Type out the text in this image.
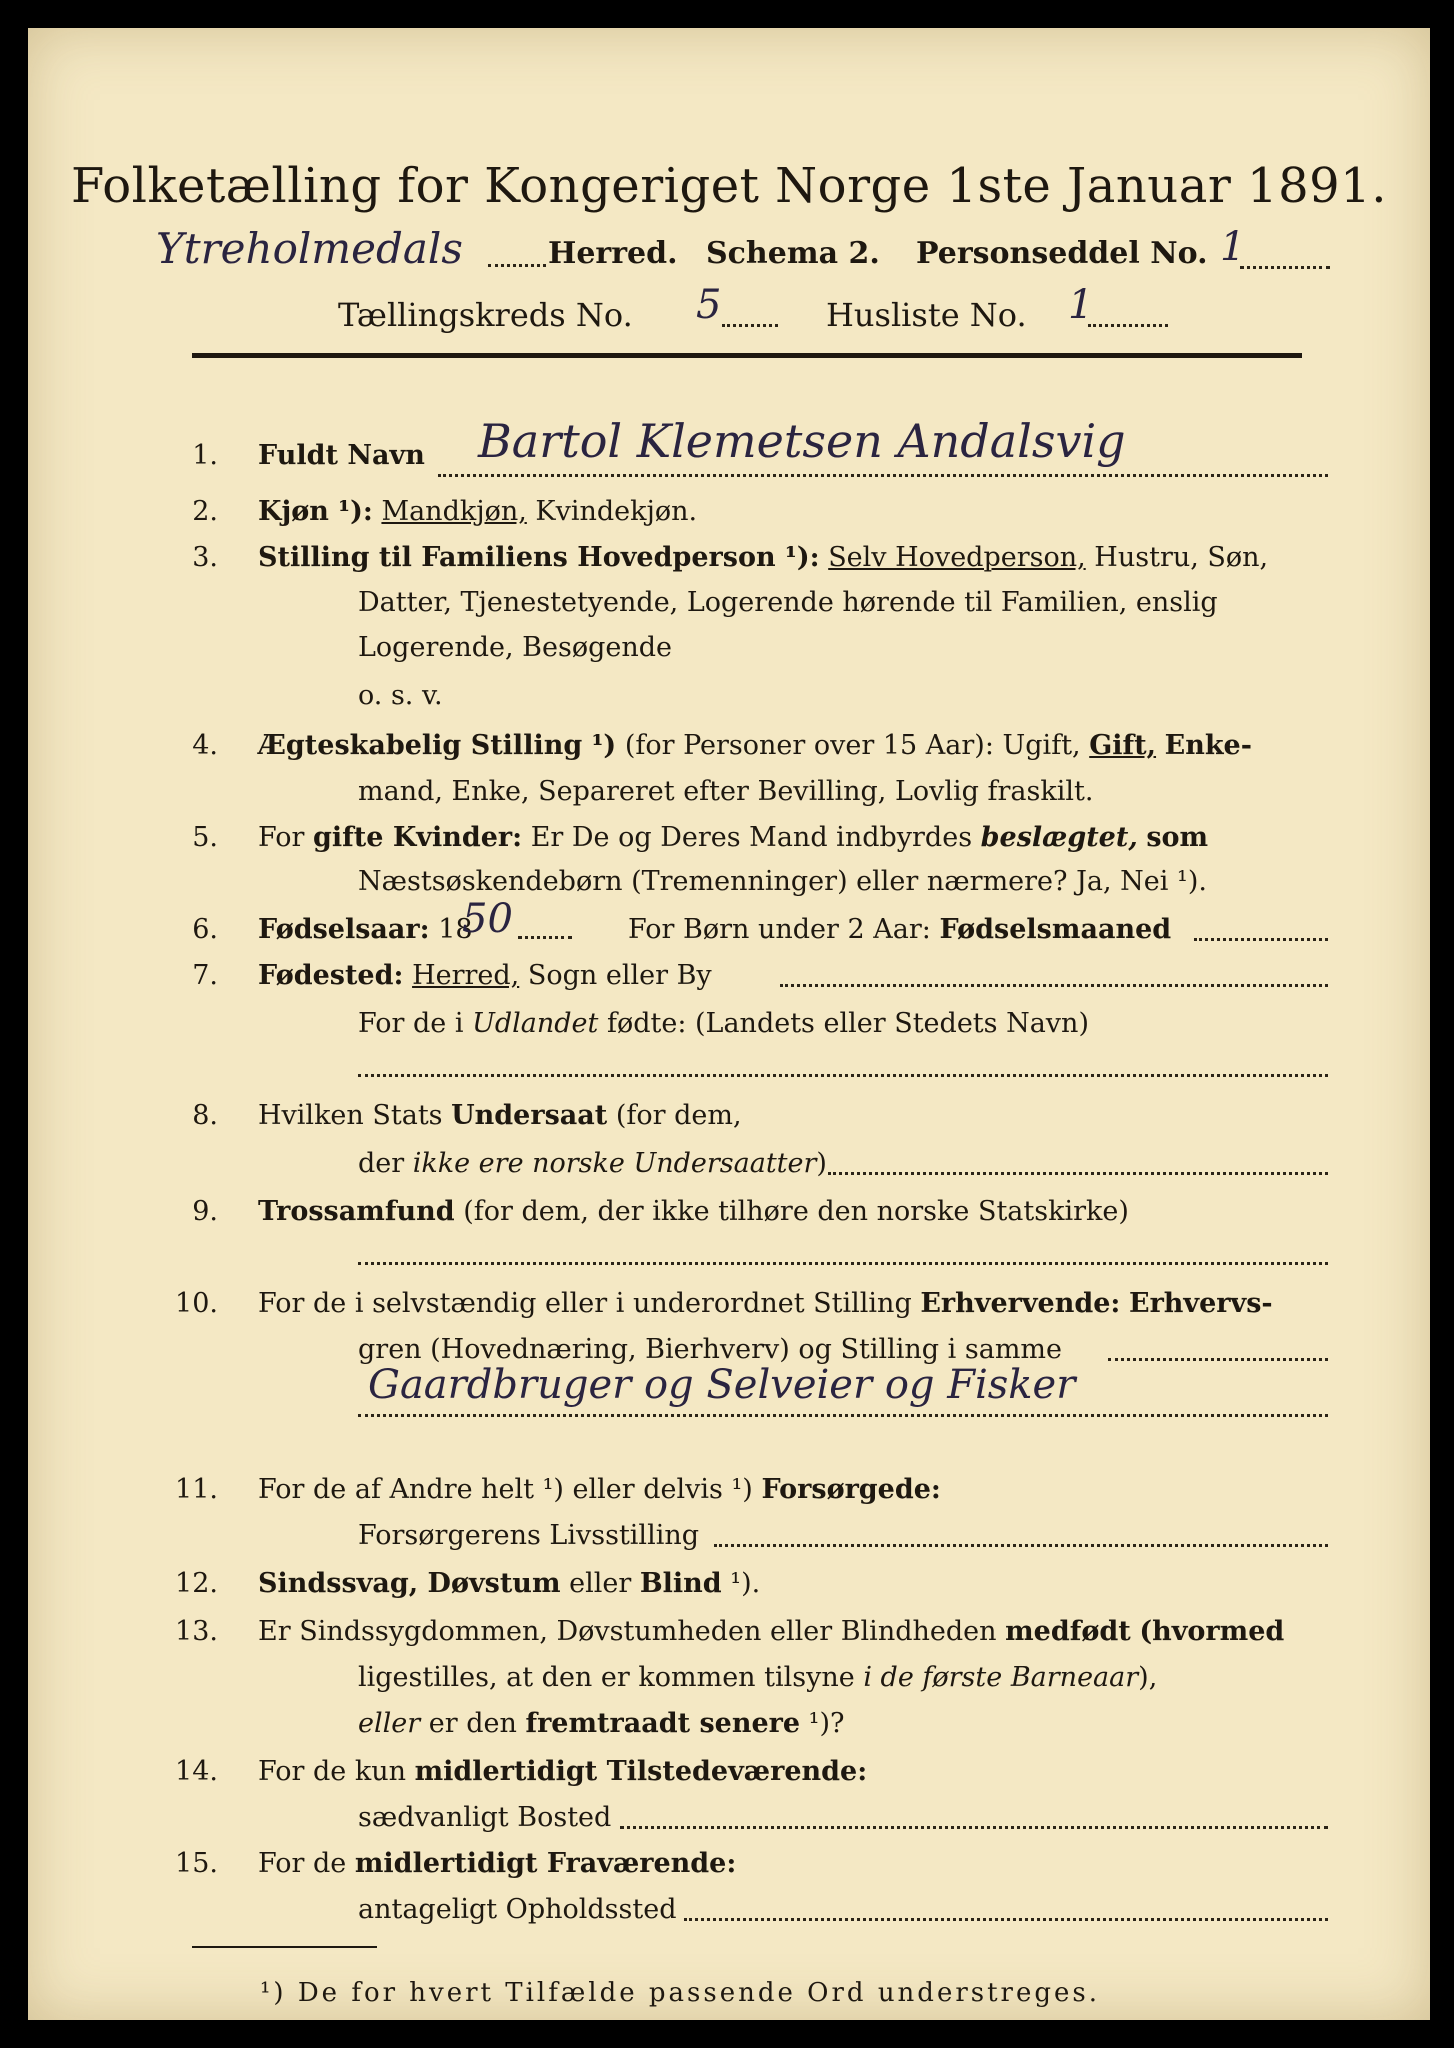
Folketælling for Kongeriget Norge 1ste Januar 1891.
Ytreholmedals	Herred. Schema 2. Personseddel No. 1
Tællingskreds No. 5	Husliste No. 1
1. Fuldt Navn Bartol Klemetsen Andalsvig
2. Kjøn ¹): Mandkjøn, Kvindekjøn.
3. Stilling til Familiens Hovedperson ¹): Selv Hovedperson, Hustru, Søn,
Datter, Tjenestetyende, Logerende hørende til Familien, enslig
Logerende, Besøgende
o. s. v.
4. Ægteskabelig Stilling ¹) (for Personer over 15 Aar): Ugift, Gift, Enke-
mand, Enke, Separeret efter Bevilling, Lovlig fraskilt.
5. For gifte Kvinder: Er De og Deres Mand indbyrdes beslægtet, som
Næstsøskendebørn (Tremenninger) eller nærmere? Ja, Nei ¹).
6. Fødselsaar: 18
50	For Børn under 2 Aar: Fødselsmaaned
7. Fødested: Herred, Sogn eller By
For de i Udlandet fødte: (Landets eller Stedets Navn)
8. Hvilken Stats Undersaat (for dem,
der ikke ere norske Undersaatter)
9. Trossamfund (for dem, der ikke tilhøre den norske Statskirke)
10. For de i selvstændig eller i underordnet Stilling Erhvervende: Erhvervs-
gren (Hovednæring, Bierhverv) og Stilling i samme
Gaardbruger og Selveier og Fisker
11. For de af Andre helt ¹) eller delvis ¹) Forsørgede:
Forsørgerens Livsstilling
12. Sindssvag, Døvstum eller Blind ¹).
13. Er Sindssygdommen, Døvstumheden eller Blindheden medfødt (hvormed
ligestilles, at den er kommen tilsyne i de første Barneaar),
eller er den fremtraadt senere ¹)?
14. For de kun midlertidigt Tilstedeværende:
sædvanligt Bosted
15. For de midlertidigt Fraværende:
antageligt Opholdssted
¹) De for hvert Tilfælde passende Ord understreges.
